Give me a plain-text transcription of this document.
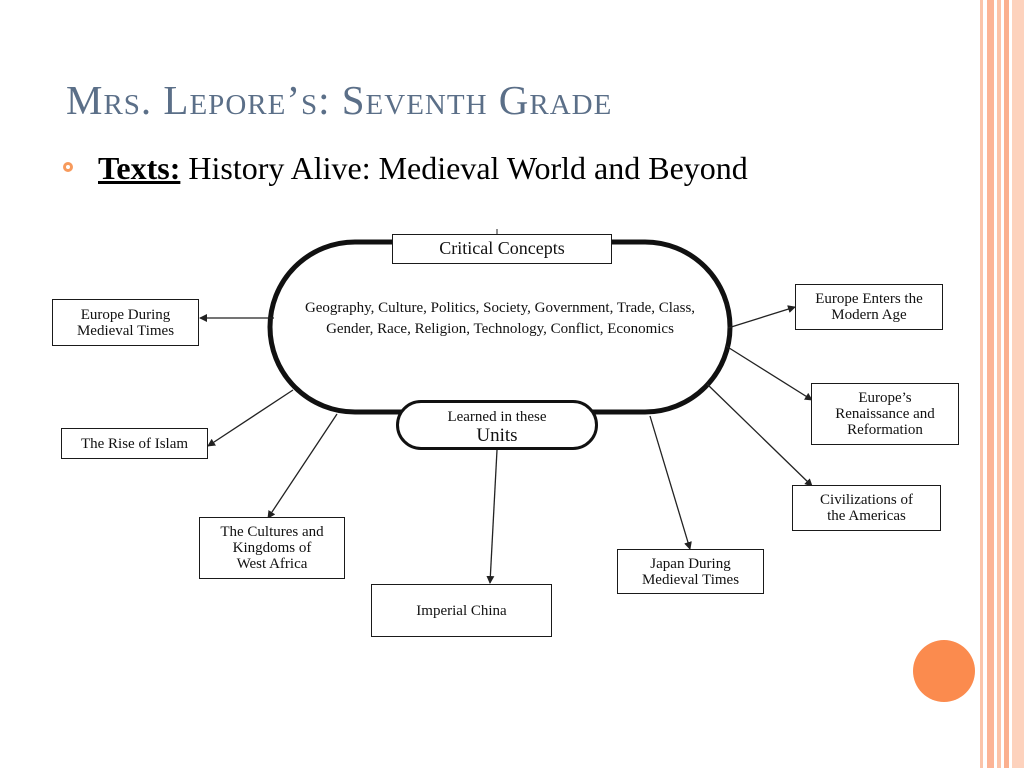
Mrs. Lepore’s: Seventh Grade
Texts: History Alive: Medieval World and Beyond
Critical Concepts
Geography, Culture, Politics, Society, Government, Trade, Class, Gender, Race, Religion, Technology, Conflict, Economics
Learned in these
Units
Europe During
Medieval Times
The Rise of Islam
The Cultures and
Kingdoms of
West Africa
Imperial China
Japan During
Medieval Times
Civilizations of
the Americas
Europe’s
Renaissance and
Reformation
Europe Enters the
Modern Age
